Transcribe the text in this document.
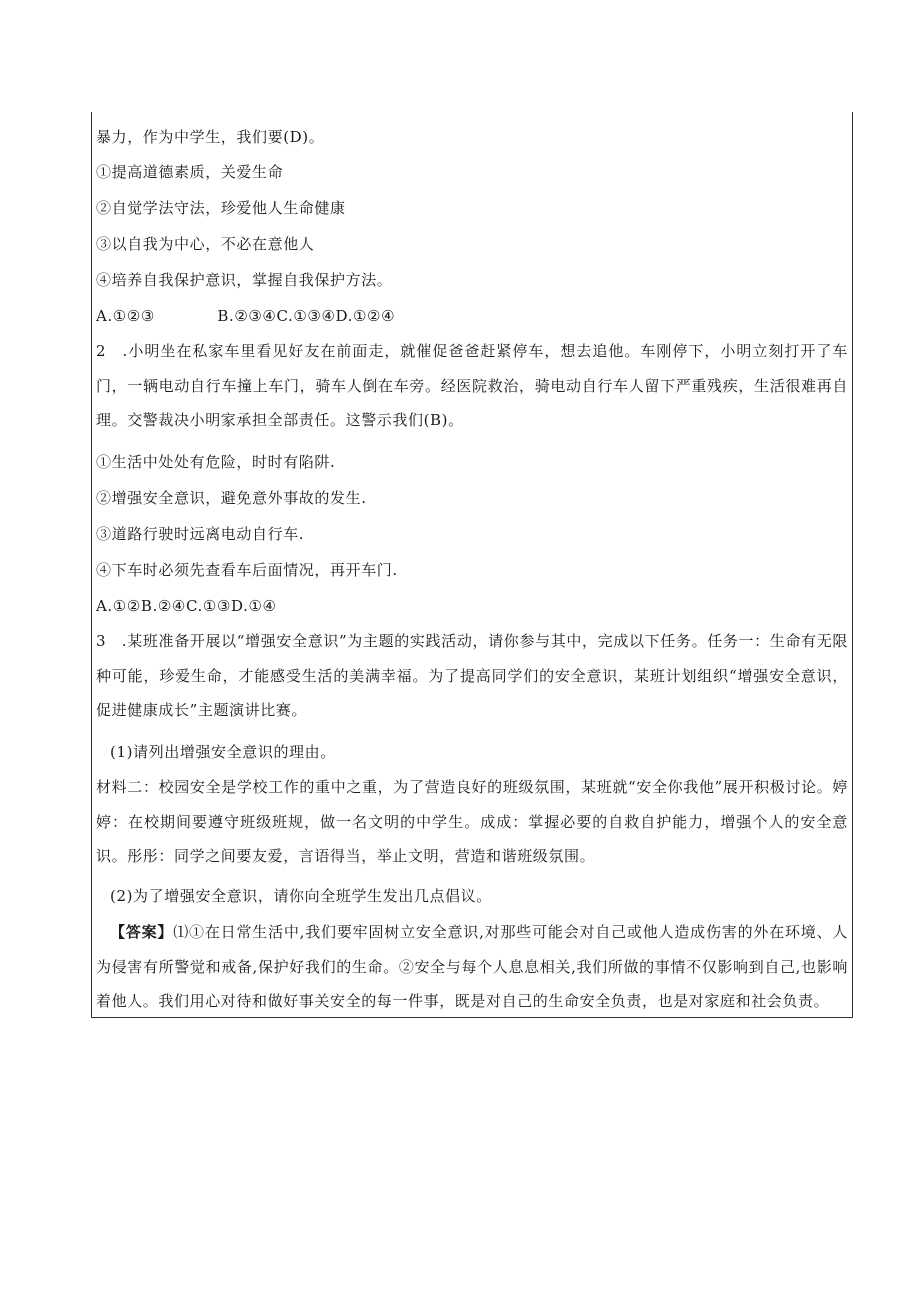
暴力，作为中学生，我们要(D)。
①提高道德素质，关爱生命
②自觉学法守法，珍爱他人生命健康
③以自我为中心，不必在意他人
④培养自我保护意识，掌握自我保护方法。
A.①②③　　　　B.②③④C.①③④D.①②④

2　.小明坐在私家车里看见好友在前面走，就催促爸爸赶紧停车，想去追他。车刚停下，小明立刻打开了车门，一辆电动自行车撞上车门，骑车人倒在车旁。经医院救治，骑电动自行车人留下严重残疾，生活很难再自理。交警裁决小明家承担全部责任。这警示我们(B)。

①生活中处处有危险，时时有陷阱.
②增强安全意识，避免意外事故的发生.
③道路行驶时远离电动自行车.
④下车时必须先查看车后面情况，再开车门.
A.①②B.②④C.①③D.①④

3　.某班准备开展以“增强安全意识”为主题的实践活动，请你参与其中，完成以下任务。任务一：生命有无限种可能，珍爱生命，才能感受生活的美满幸福。为了提高同学们的安全意识，某班计划组织“增强安全意识，促进健康成长”主题演讲比赛。

(1)请列出增强安全意识的理由。

材料二：校园安全是学校工作的重中之重，为了营造良好的班级氛围，某班就“安全你我他”展开积极讨论。婷婷：在校期间要遵守班级班规，做一名文明的中学生。成成：掌握必要的自救自护能力，增强个人的安全意识。彤彤：同学之间要友爱，言语得当，举止文明，营造和谐班级氛围。

(2)为了增强安全意识，请你向全班学生发出几点倡议。

【答案】⑴①在日常生活中,我们要牢固树立安全意识,对那些可能会对自己或他人造成伤害的外在环境、人为侵害有所警觉和戒备,保护好我们的生命。②安全与每个人息息相关,我们所做的事情不仅影响到自己,也影响着他人。我们用心对待和做好事关安全的每一件事，既是对自己的生命安全负责，也是对家庭和社会负责。
